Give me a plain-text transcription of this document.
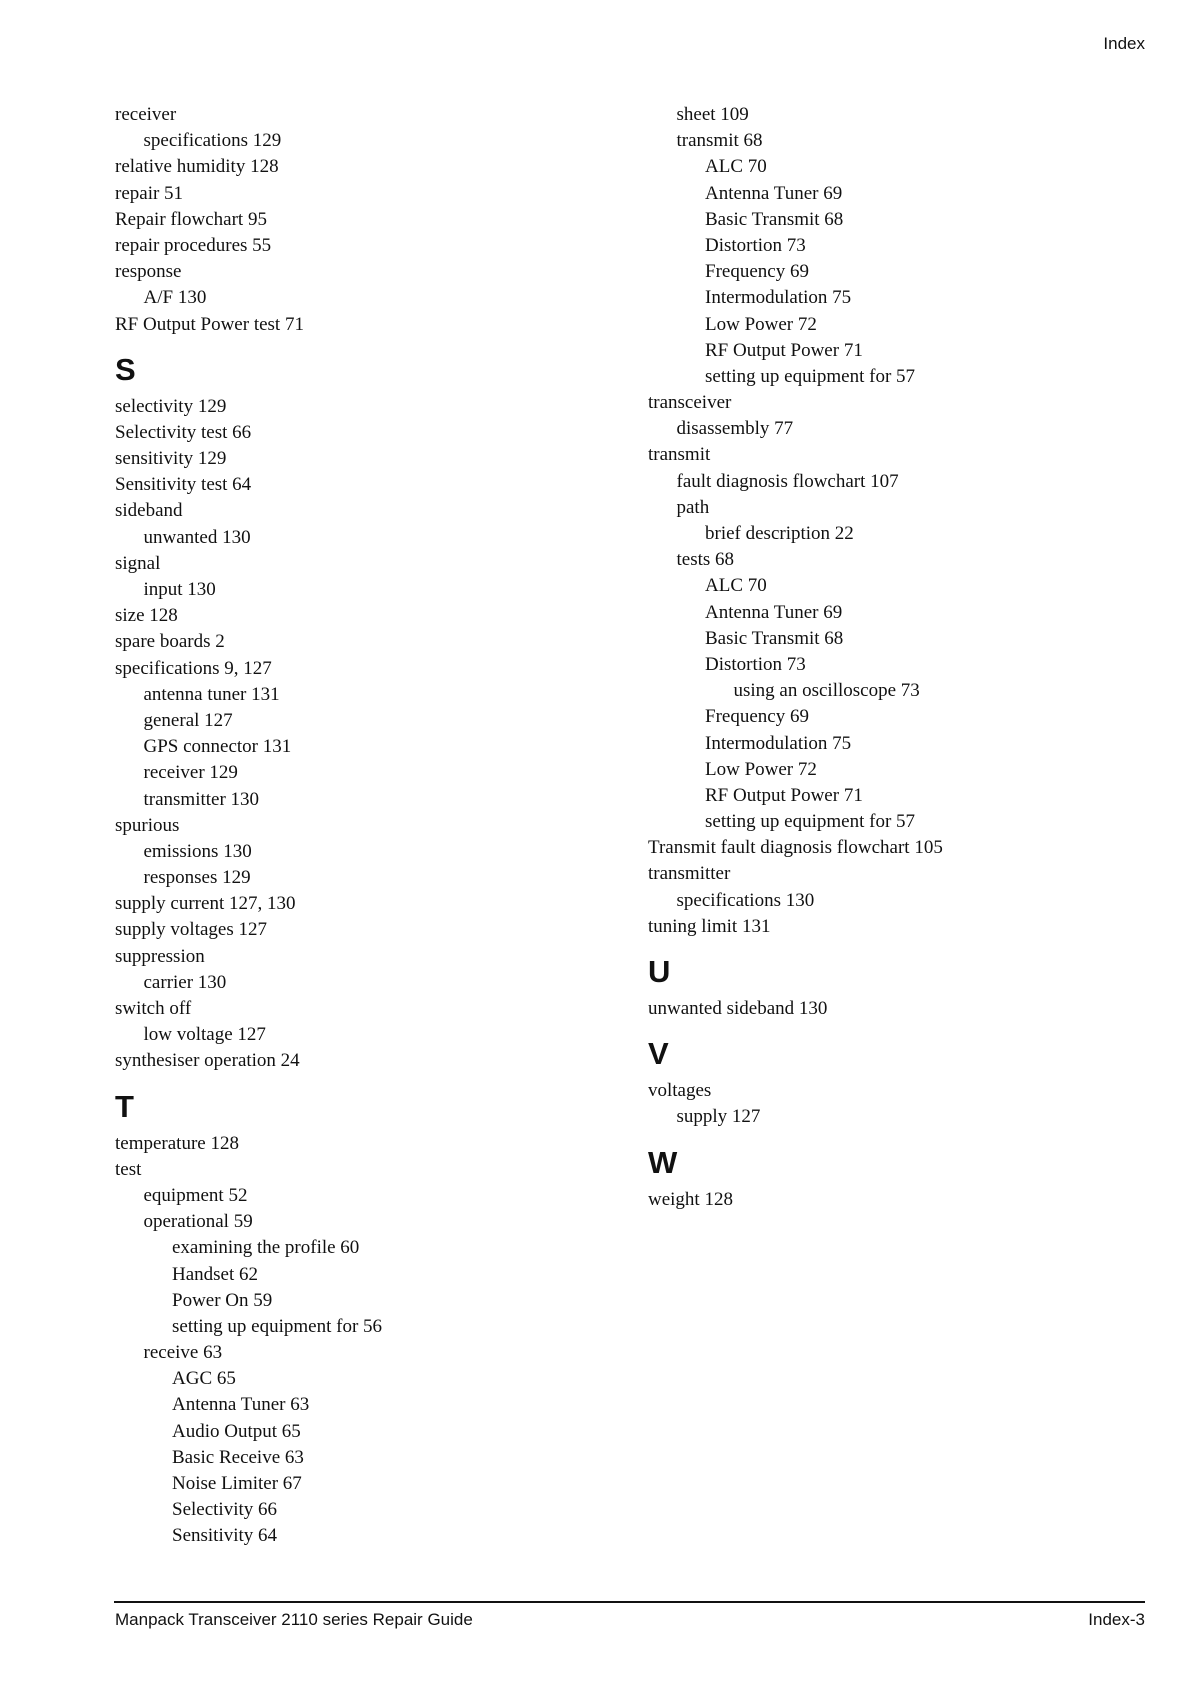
Index
receiver
specifications 129
relative humidity 128
repair 51
Repair flowchart 95
repair procedures 55
response
A/F 130
RF Output Power test 71
S
selectivity 129
Selectivity test 66
sensitivity 129
Sensitivity test 64
sideband
unwanted 130
signal
input 130
size 128
spare boards 2
specifications 9, 127
antenna tuner 131
general 127
GPS connector 131
receiver 129
transmitter 130
spurious
emissions 130
responses 129
supply current 127, 130
supply voltages 127
suppression
carrier 130
switch off
low voltage 127
synthesiser operation 24
T
temperature 128
test
equipment 52
operational 59
examining the profile 60
Handset 62
Power On 59
setting up equipment for 56
receive 63
AGC 65
Antenna Tuner 63
Audio Output 65
Basic Receive 63
Noise Limiter 67
Selectivity 66
Sensitivity 64
sheet 109
transmit 68
ALC 70
Antenna Tuner 69
Basic Transmit 68
Distortion 73
Frequency 69
Intermodulation 75
Low Power 72
RF Output Power 71
setting up equipment for 57
transceiver
disassembly 77
transmit
fault diagnosis flowchart 107
path
brief description 22
tests 68
ALC 70
Antenna Tuner 69
Basic Transmit 68
Distortion 73
using an oscilloscope 73
Frequency 69
Intermodulation 75
Low Power 72
RF Output Power 71
setting up equipment for 57
Transmit fault diagnosis flowchart 105
transmitter
specifications 130
tuning limit 131
U
unwanted sideband 130
V
voltages
supply 127
W
weight 128
Manpack Transceiver 2110 series Repair Guide	Index-3
